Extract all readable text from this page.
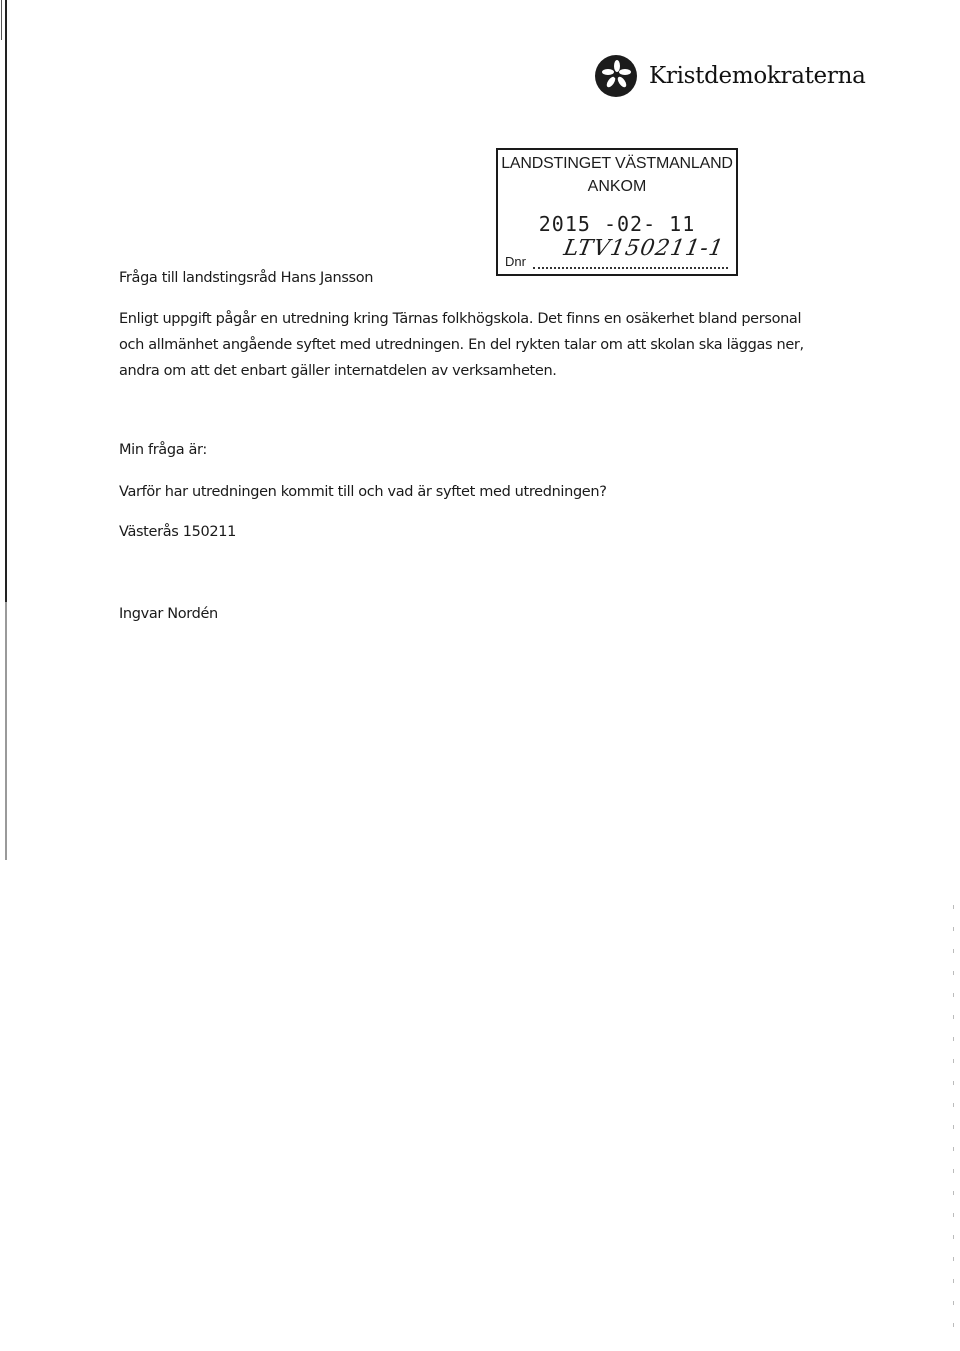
Kristdemokraterna
LANDSTINGET VÄSTMANLAND
ANKOM
2015 -02- 11
Dnr
LTV150211-1
Fråga till landstingsråd Hans Jansson
Enligt uppgift pågår en utredning kring Tärnas folkhögskola. Det finns en osäkerhet bland personal
och allmänhet angående syftet med utredningen. En del rykten talar om att skolan ska läggas ner,
andra om att det enbart gäller internatdelen av verksamheten.
Min fråga är:
Varför har utredningen kommit till och vad är syftet med utredningen?
Västerås 150211
Ingvar Nordén
